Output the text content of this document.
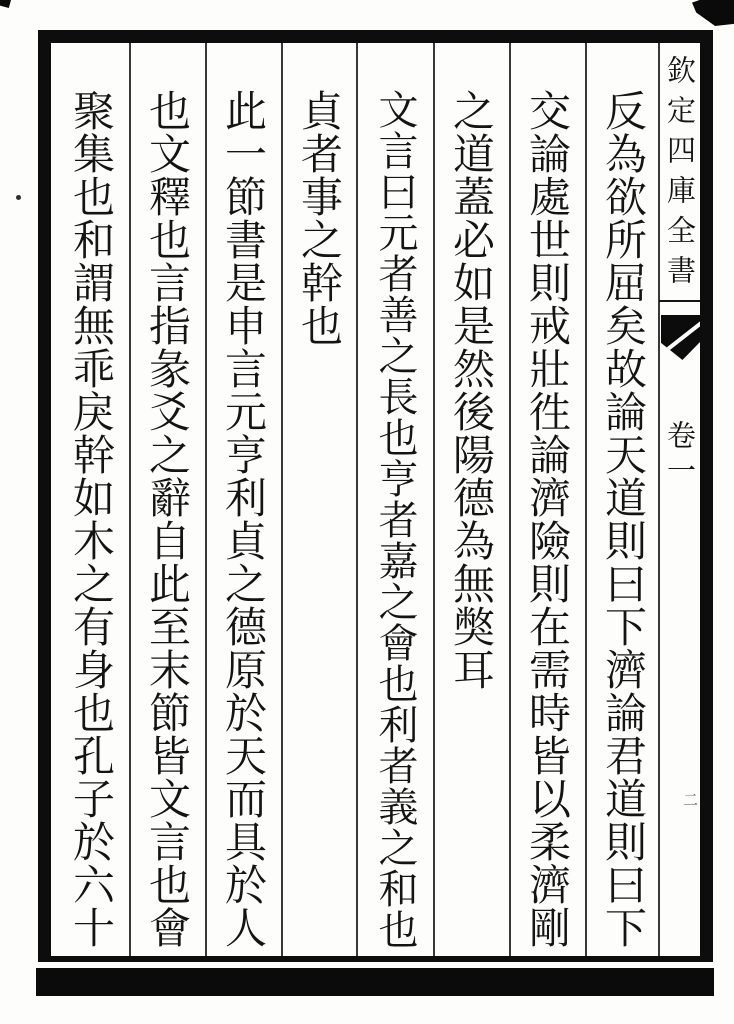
反為欲所屈矣故論天道則曰下濟論君道則曰下
交論處世則戒壯徃論濟險則在需時皆以柔濟剛
之道蓋必如是然後陽德為無獘耳
文言曰元者善之長也亨者嘉之會也利者義之和也
貞者事之幹也
此一節書是申言元亨利貞之德原於天而具於人
也文釋也言指彖爻之辭自此至末節皆文言也會
聚集也和謂無乖戾幹如木之有身也孔子於六十	欽定四庫全書
卷一
二
